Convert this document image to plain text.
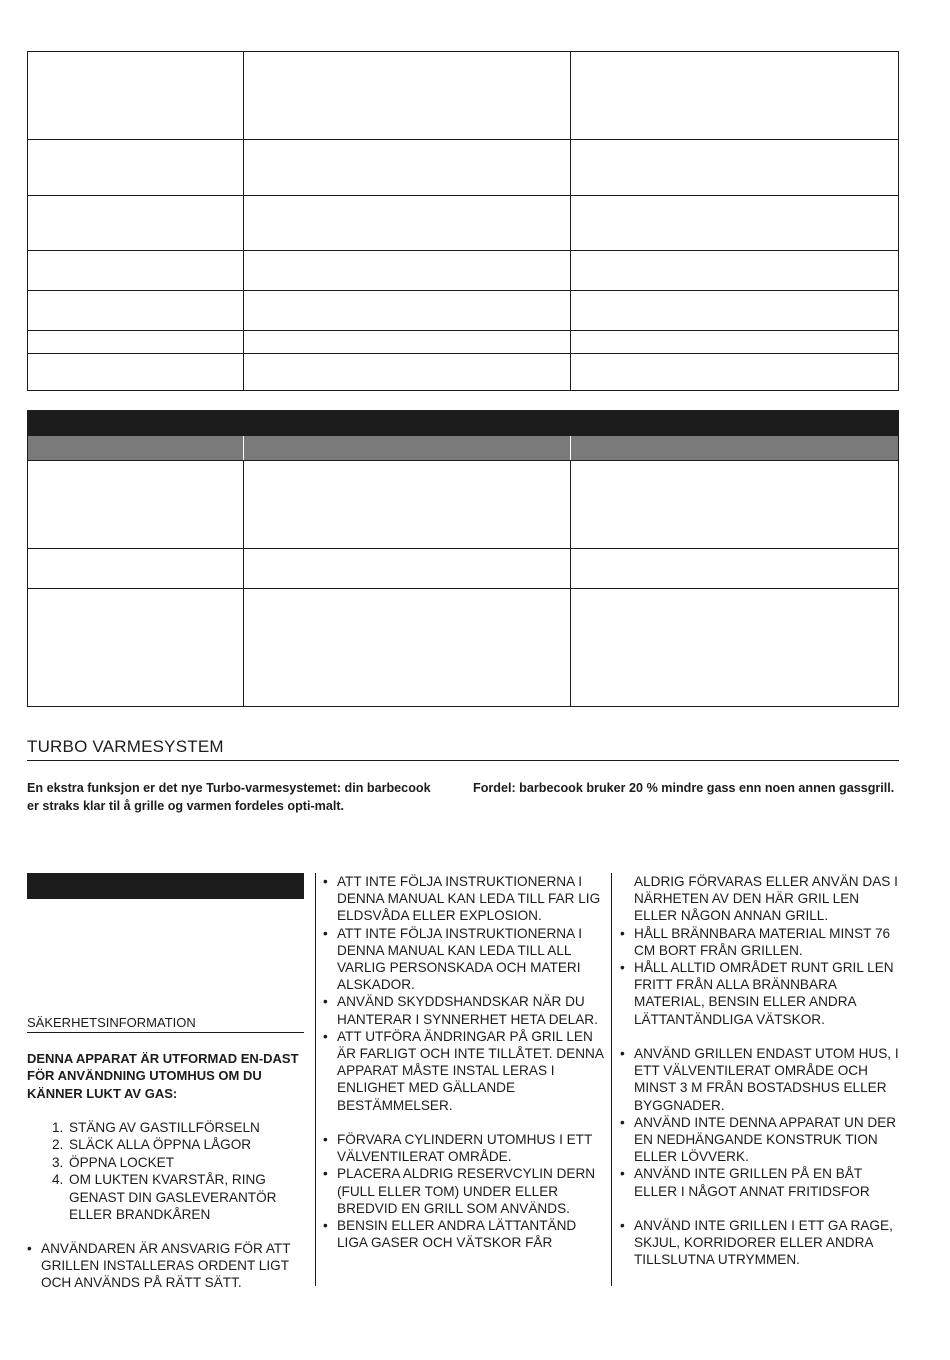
TURBO VARMESYSTEM
En ekstra funksjon er det nye Turbo-varmesystemet: din barbecook er straks klar til å grille og varmen fordeles opti-malt.
Fordel: barbecook bruker 20 % mindre gass enn noen annen gassgrill.
SÄKERHETSINFORMATION
DENNA APPARAT ÄR UTFORMAD EN-DAST FÖR ANVÄNDNING UTOMHUS OM DU KÄNNER LUKT AV GAS:
1. STÄNG AV GASTILLFÖRSELN
2. SLÄCK ALLA ÖPPNA LÅGOR
3. ÖPPNA LOCKET
4. OM LUKTEN KVARSTÅR, RING GENAST DIN GASLEVERANTÖR ELLER BRANDKÅREN
• ANVÄNDAREN ÄR ANSVARIG FÖR ATT GRILLEN INSTALLERAS ORDENT LIGT OCH ANVÄNDS PÅ RÄTT SÄTT.
• ATT INTE FÖLJA INSTRUKTIONERNA I DENNA MANUAL KAN LEDA TILL FAR LIG ELDSVÅDA ELLER EXPLOSION.
• ATT INTE FÖLJA INSTRUKTIONERNA I DENNA MANUAL KAN LEDA TILL ALL VARLIG PERSONSKADA OCH MATERI ALSKADOR.
• ANVÄND SKYDDSHANDSKAR NÄR DU HANTERAR I SYNNERHET HETA DELAR.
• ATT UTFÖRA ÄNDRINGAR PÅ GRIL LEN ÄR FARLIGT OCH INTE TILLÅTET. DENNA APPARAT MÅSTE INSTAL LERAS I ENLIGHET MED GÄLLANDE BESTÄMMELSER.
• FÖRVARA CYLINDERN UTOMHUS I ETT VÄLVENTILERAT OMRÅDE.
• PLACERA ALDRIG RESERVCYLIN DERN (FULL ELLER TOM) UNDER ELLER BREDVID EN GRILL SOM ANVÄNDS.
• BENSIN ELLER ANDRA LÄTTANTÄND LIGA GASER OCH VÄTSKOR FÅR
ALDRIG FÖRVARAS ELLER ANVÄN DAS I NÄRHETEN AV DEN HÄR GRIL LEN ELLER NÅGON ANNAN GRILL.
• HÅLL BRÄNNBARA MATERIAL MINST 76 CM BORT FRÅN GRILLEN.
• HÅLL ALLTID OMRÅDET RUNT GRIL LEN FRITT FRÅN ALLA BRÄNNBARA MATERIAL, BENSIN ELLER ANDRA LÄTTANTÄNDLIGA VÄTSKOR.
• ANVÄND GRILLEN ENDAST UTOM HUS, I ETT VÄLVENTILERAT OMRÅDE OCH MINST 3 M FRÅN BOSTADSHUS ELLER BYGGNADER.
• ANVÄND INTE DENNA APPARAT UN DER EN NEDHÄNGANDE KONSTRUK TION ELLER LÖVVERK.
• ANVÄND INTE GRILLEN PÅ EN BÅT ELLER I NÅGOT ANNAT FRITIDSFOR
• ANVÄND INTE GRILLEN I ETT GA RAGE, SKJUL, KORRIDORER ELLER ANDRA TILLSLUTNA UTRYMMEN.
